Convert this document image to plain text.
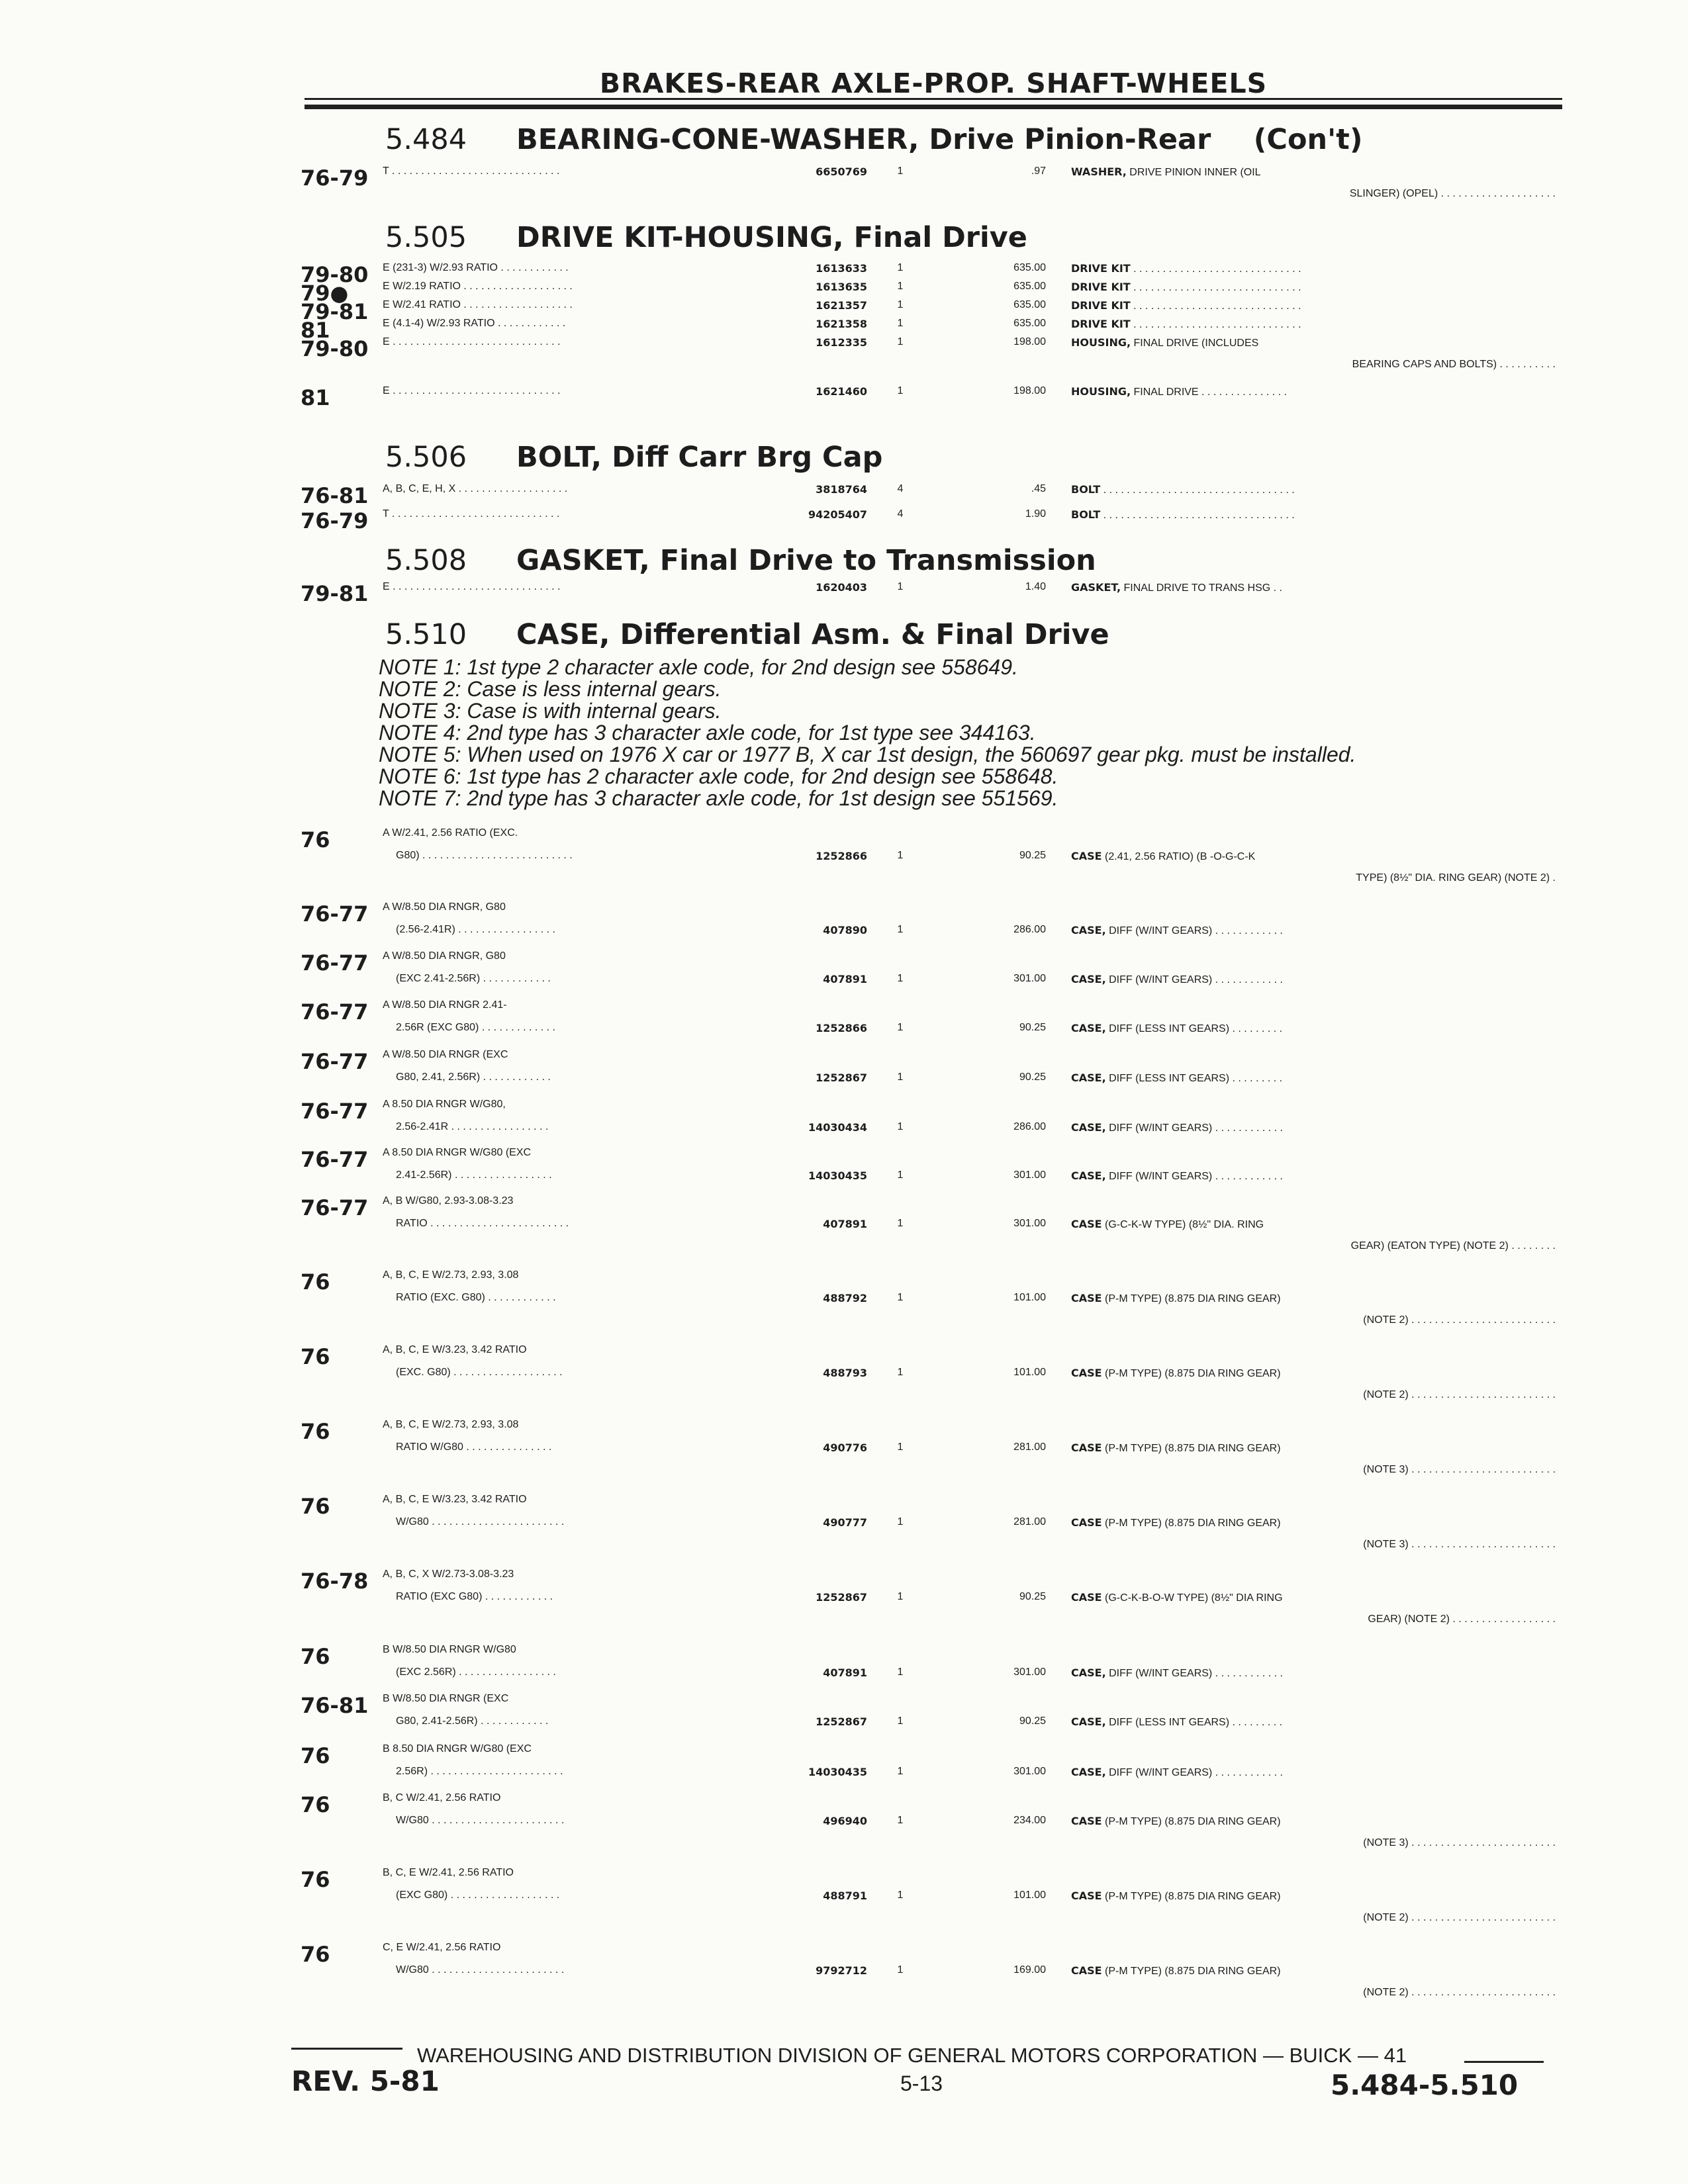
BRAKES-REAR AXLE-PROP. SHAFT-WHEELS
WAREHOUSING AND DISTRIBUTION DIVISION OF GENERAL MOTORS CORPORATION — BUICK — 41
REV. 5-81	5-13	5.484-5.510
5.484 BEARING-CONE-WASHER, Drive Pinion-Rear   (Con't)
76-79 T . . . . . . . . . . . . . . . . . . . . . . . . . . . . .	6650769	1	.97 WASHER, DRIVE PINION INNER (OIL
SLINGER) (OPEL) . . . . . . . . . . . . . . . . . . . .
5.505 DRIVE KIT-HOUSING, Final Drive
79-80 E (231-3) W/2.93 RATIO . . . . . . . . . . . .	1613633	1	635.00 DRIVE KIT . . . . . . . . . . . . . . . . . . . . . . . . . . . . .
79●	E W/2.19 RATIO . . . . . . . . . . . . . . . . . . .	1613635	1	635.00 DRIVE KIT . . . . . . . . . . . . . . . . . . . . . . . . . . . . .
79-81 E W/2.41 RATIO . . . . . . . . . . . . . . . . . . .	1621357	1	635.00 DRIVE KIT . . . . . . . . . . . . . . . . . . . . . . . . . . . . .
81	E (4.1-4) W/2.93 RATIO . . . . . . . . . . . .	1621358	1	635.00 DRIVE KIT . . . . . . . . . . . . . . . . . . . . . . . . . . . . .
79-80 E . . . . . . . . . . . . . . . . . . . . . . . . . . . . .	1612335	1	198.00 HOUSING, FINAL DRIVE (INCLUDES
BEARING CAPS AND BOLTS) . . . . . . . . . .
81	E . . . . . . . . . . . . . . . . . . . . . . . . . . . . .	1621460	1	198.00 HOUSING, FINAL DRIVE . . . . . . . . . . . . . . .
5.506 BOLT, Diff Carr Brg Cap
76-81 A, B, C, E, H, X . . . . . . . . . . . . . . . . . . .	3818764	4	.45 BOLT . . . . . . . . . . . . . . . . . . . . . . . . . . . . . . . . .
76-79 T . . . . . . . . . . . . . . . . . . . . . . . . . . . . .	94205407	4	1.90 BOLT . . . . . . . . . . . . . . . . . . . . . . . . . . . . . . . . .
5.508 GASKET, Final Drive to Transmission
79-81 E . . . . . . . . . . . . . . . . . . . . . . . . . . . . .	1620403	1	1.40 GASKET, FINAL DRIVE TO TRANS HSG . .
5.510 CASE, Differential Asm. & Final Drive
NOTE 1: 1st type 2 character axle code, for 2nd design see 558649.
NOTE 2: Case is less internal gears.
NOTE 3: Case is with internal gears.
NOTE 4: 2nd type has 3 character axle code, for 1st type see 344163.
NOTE 5: When used on 1976 X car or 1977 B, X car 1st design, the 560697 gear pkg. must be installed.
NOTE 6: 1st type has 2 character axle code, for 2nd design see 558648.
NOTE 7: 2nd type has 3 character axle code, for 1st design see 551569.
76	A W/2.41, 2.56 RATIO (EXC.
G80) . . . . . . . . . . . . . . . . . . . . . . . . . .	1252866	1	90.25 CASE (2.41, 2.56 RATIO) (B -O-G-C-K
TYPE) (8½" DIA. RING GEAR) (NOTE 2) .
76-77 A W/8.50 DIA RNGR, G80
(2.56-2.41R) . . . . . . . . . . . . . . . . .	407890	1	286.00 CASE, DIFF (W/INT GEARS) . . . . . . . . . . . .
76-77 A W/8.50 DIA RNGR, G80
(EXC 2.41-2.56R) . . . . . . . . . . . .	407891	1	301.00 CASE, DIFF (W/INT GEARS) . . . . . . . . . . . .
76-77 A W/8.50 DIA RNGR 2.41-
2.56R (EXC G80) . . . . . . . . . . . . .	1252866	1	90.25 CASE, DIFF (LESS INT GEARS) . . . . . . . . .
76-77 A W/8.50 DIA RNGR (EXC
G80, 2.41, 2.56R) . . . . . . . . . . . .	1252867	1	90.25 CASE, DIFF (LESS INT GEARS) . . . . . . . . .
76-77 A 8.50 DIA RNGR W/G80,
2.56-2.41R . . . . . . . . . . . . . . . . .	14030434	1	286.00 CASE, DIFF (W/INT GEARS) . . . . . . . . . . . .
76-77 A 8.50 DIA RNGR W/G80 (EXC
2.41-2.56R) . . . . . . . . . . . . . . . . .	14030435	1	301.00 CASE, DIFF (W/INT GEARS) . . . . . . . . . . . .
76-77 A, B W/G80, 2.93-3.08-3.23
RATIO . . . . . . . . . . . . . . . . . . . . . . . .	407891	1	301.00 CASE (G-C-K-W TYPE) (8½" DIA. RING
GEAR) (EATON TYPE) (NOTE 2) . . . . . . . .
76	A, B, C, E W/2.73, 2.93, 3.08
RATIO (EXC. G80) . . . . . . . . . . . .	488792	1	101.00 CASE (P-M TYPE) (8.875 DIA RING GEAR)
(NOTE 2) . . . . . . . . . . . . . . . . . . . . . . . . .
76	A, B, C, E W/3.23, 3.42 RATIO
(EXC. G80) . . . . . . . . . . . . . . . . . . .	488793	1	101.00 CASE (P-M TYPE) (8.875 DIA RING GEAR)
(NOTE 2) . . . . . . . . . . . . . . . . . . . . . . . . .
76	A, B, C, E W/2.73, 2.93, 3.08
RATIO W/G80 . . . . . . . . . . . . . . .	490776	1	281.00 CASE (P-M TYPE) (8.875 DIA RING GEAR)
(NOTE 3) . . . . . . . . . . . . . . . . . . . . . . . . .
76	A, B, C, E W/3.23, 3.42 RATIO
W/G80 . . . . . . . . . . . . . . . . . . . . . . .	490777	1	281.00 CASE (P-M TYPE) (8.875 DIA RING GEAR)
(NOTE 3) . . . . . . . . . . . . . . . . . . . . . . . . .
76-78 A, B, C, X W/2.73-3.08-3.23
RATIO (EXC G80) . . . . . . . . . . . .	1252867	1	90.25 CASE (G-C-K-B-O-W TYPE) (8½" DIA RING
GEAR) (NOTE 2) . . . . . . . . . . . . . . . . . .
76	B W/8.50 DIA RNGR W/G80
(EXC 2.56R) . . . . . . . . . . . . . . . . .	407891	1	301.00 CASE, DIFF (W/INT GEARS) . . . . . . . . . . . .
76-81 B W/8.50 DIA RNGR (EXC
G80, 2.41-2.56R) . . . . . . . . . . . .	1252867	1	90.25 CASE, DIFF (LESS INT GEARS) . . . . . . . . .
76	B 8.50 DIA RNGR W/G80 (EXC
2.56R) . . . . . . . . . . . . . . . . . . . . . . .	14030435	1	301.00 CASE, DIFF (W/INT GEARS) . . . . . . . . . . . .
76	B, C W/2.41, 2.56 RATIO
W/G80 . . . . . . . . . . . . . . . . . . . . . . .	496940	1	234.00 CASE (P-M TYPE) (8.875 DIA RING GEAR)
(NOTE 3) . . . . . . . . . . . . . . . . . . . . . . . . .
76	B, C, E W/2.41, 2.56 RATIO
(EXC G80) . . . . . . . . . . . . . . . . . . .	488791	1	101.00 CASE (P-M TYPE) (8.875 DIA RING GEAR)
(NOTE 2) . . . . . . . . . . . . . . . . . . . . . . . . .
76	C, E W/2.41, 2.56 RATIO
W/G80 . . . . . . . . . . . . . . . . . . . . . . .	9792712	1	169.00 CASE (P-M TYPE) (8.875 DIA RING GEAR)
(NOTE 2) . . . . . . . . . . . . . . . . . . . . . . . . .
